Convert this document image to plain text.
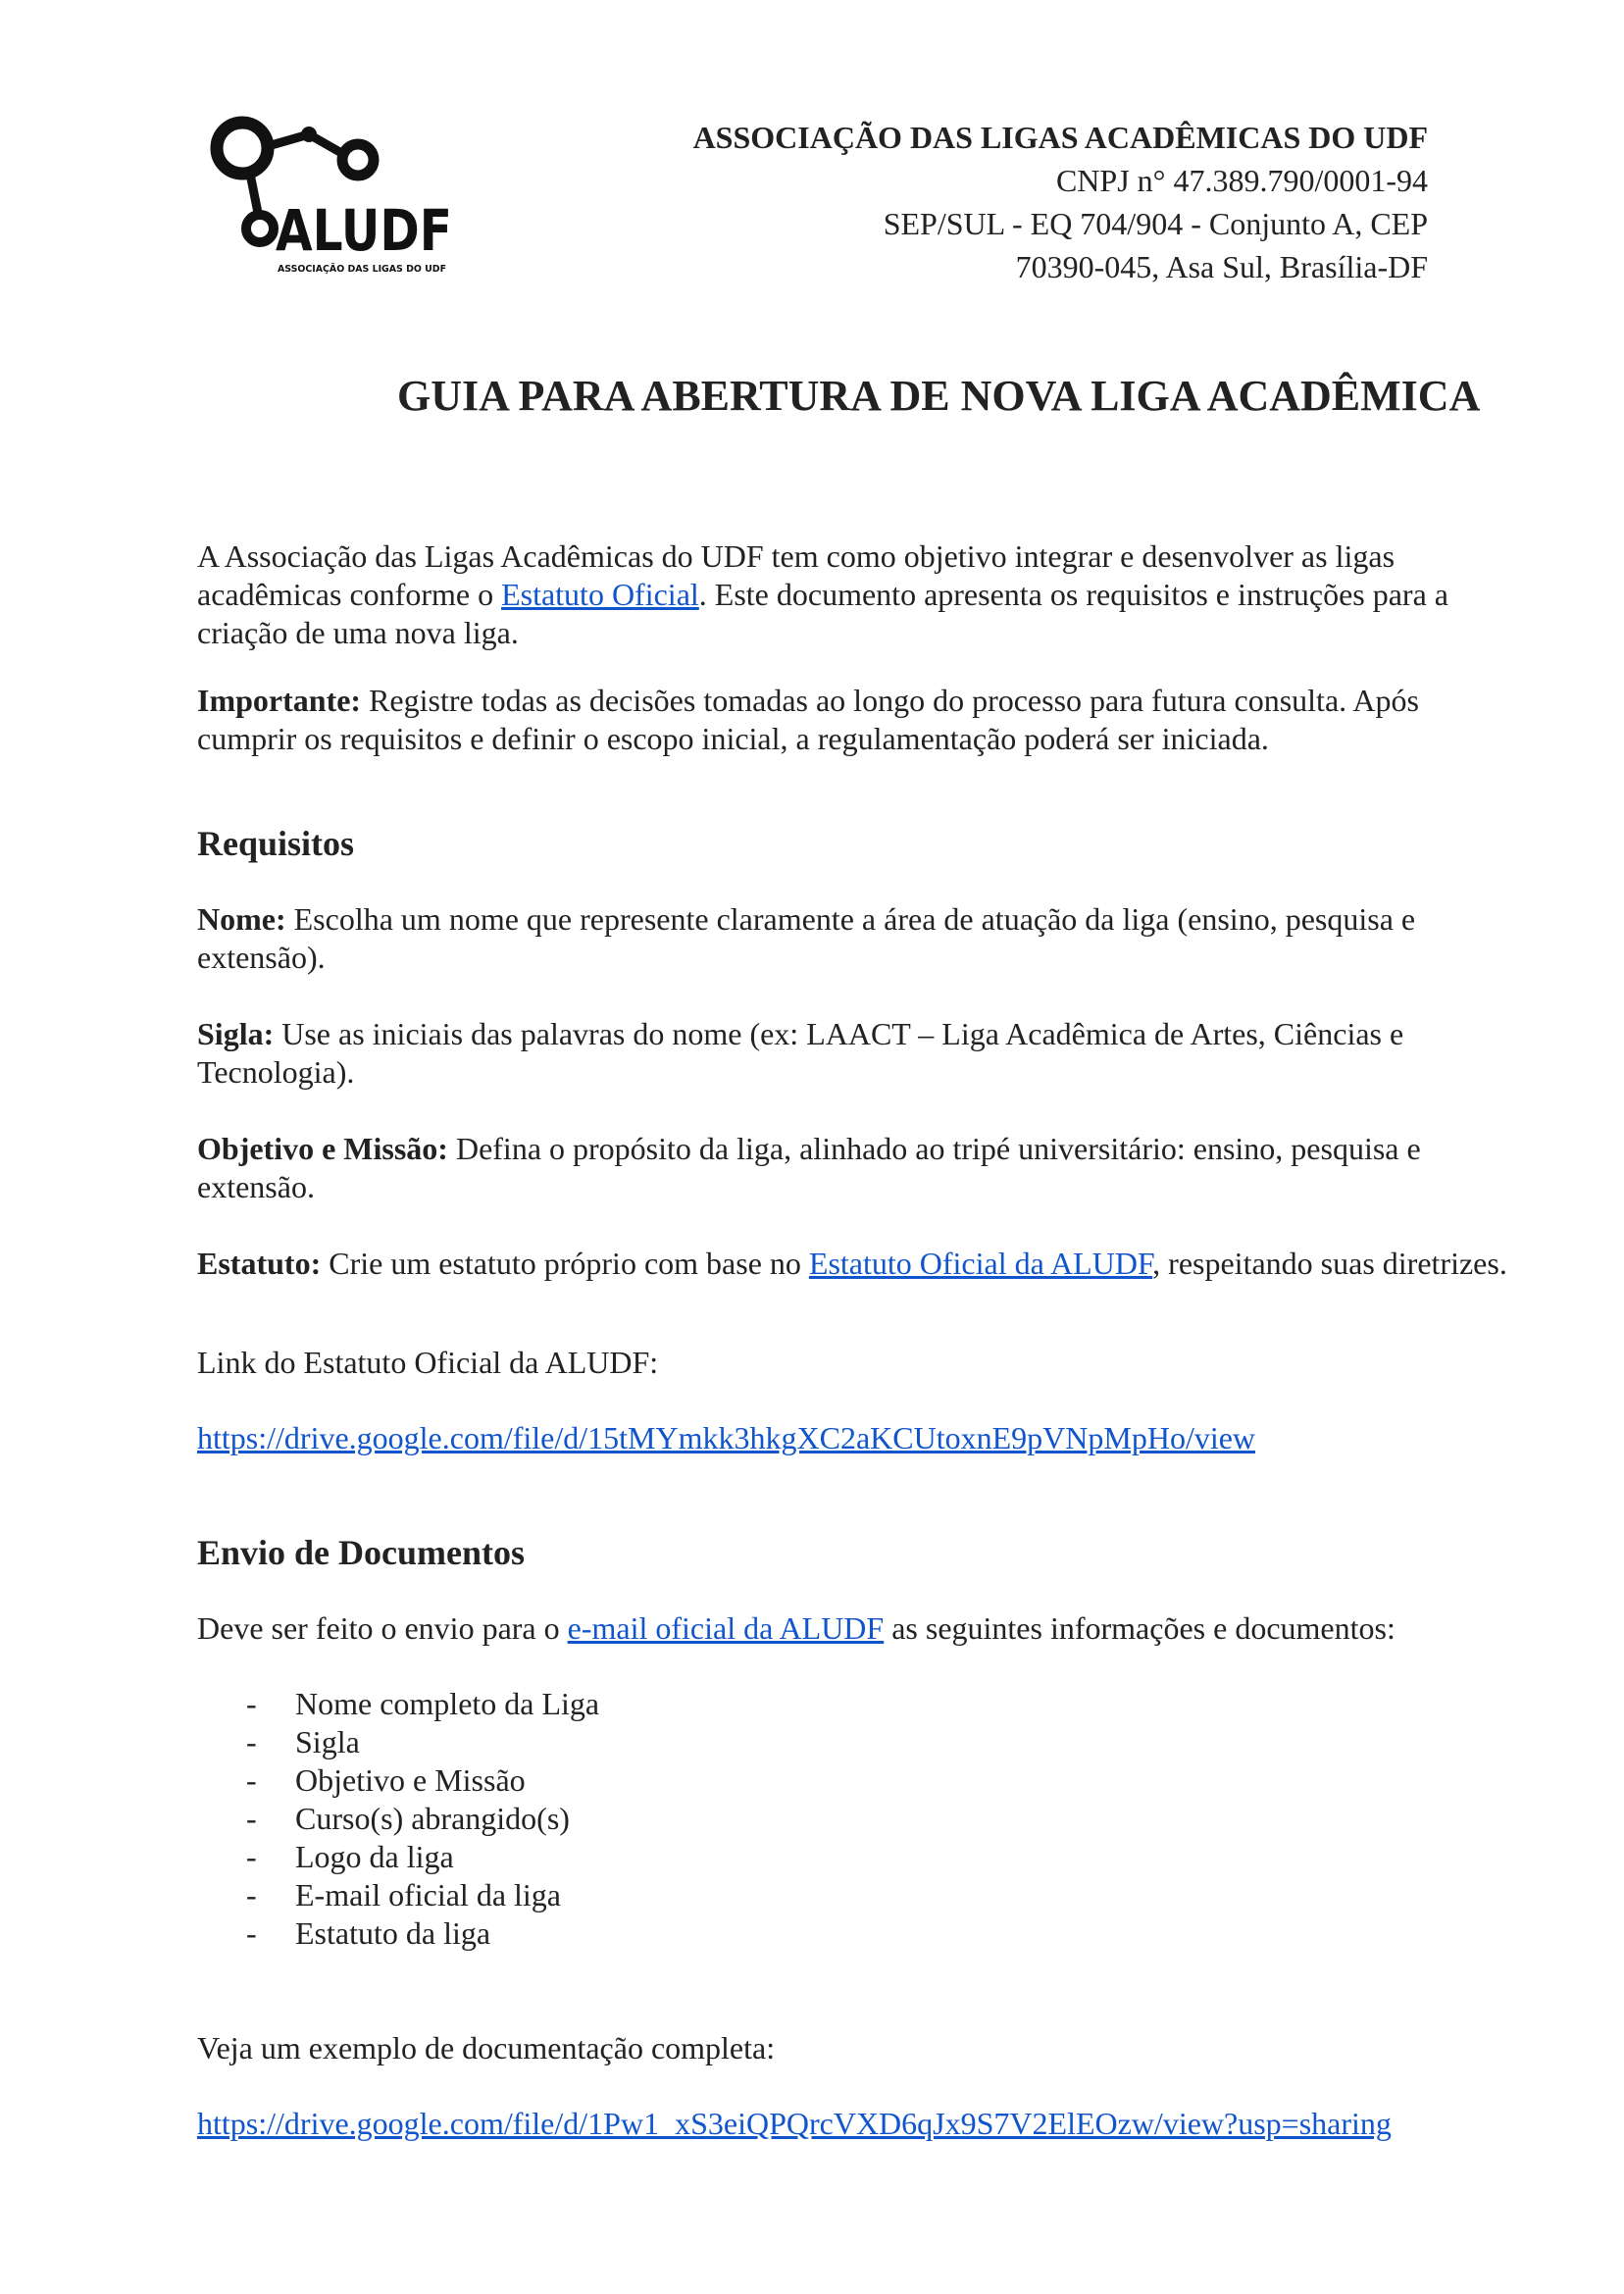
ALUDF
ASSOCIAÇÃO DAS LIGAS DO UDF
ASSOCIAÇÃO DAS LIGAS ACADÊMICAS DO UDF
CNPJ n° 47.389.790/0001-94
SEP/SUL - EQ 704/904 - Conjunto A, CEP
70390-045, Asa Sul, Brasília-DF
GUIA PARA ABERTURA DE NOVA LIGA ACADÊMICA

A Associação das Ligas Acadêmicas do UDF tem como objetivo integrar e desenvolver as ligas acadêmicas conforme o Estatuto Oficial. Este documento apresenta os requisitos e instruções para a criação de uma nova liga.

Importante: Registre todas as decisões tomadas ao longo do processo para futura consulta. Após cumprir os requisitos e definir o escopo inicial, a regulamentação poderá ser iniciada.

Requisitos

Nome: Escolha um nome que represente claramente a área de atuação da liga (ensino, pesquisa e extensão).

Sigla: Use as iniciais das palavras do nome (ex: LAACT – Liga Acadêmica de Artes, Ciências e Tecnologia).

Objetivo e Missão: Defina o propósito da liga, alinhado ao tripé universitário: ensino, pesquisa e extensão.

Estatuto: Crie um estatuto próprio com base no Estatuto Oficial da ALUDF, respeitando suas diretrizes.

Link do Estatuto Oficial da ALUDF:

https://drive.google.com/file/d/15tMYmkk3hkgXC2aKCUtoxnE9pVNpMpHo/view

Envio de Documentos

Deve ser feito o envio para o e-mail oficial da ALUDF as seguintes informações e documentos:

- Nome completo da Liga
- Sigla
- Objetivo e Missão
- Curso(s) abrangido(s)
- Logo da liga
- E-mail oficial da liga
- Estatuto da liga

Veja um exemplo de documentação completa:

https://drive.google.com/file/d/1Pw1_xS3eiQPQrcVXD6qJx9S7V2ElEOzw/view?usp=sharing
